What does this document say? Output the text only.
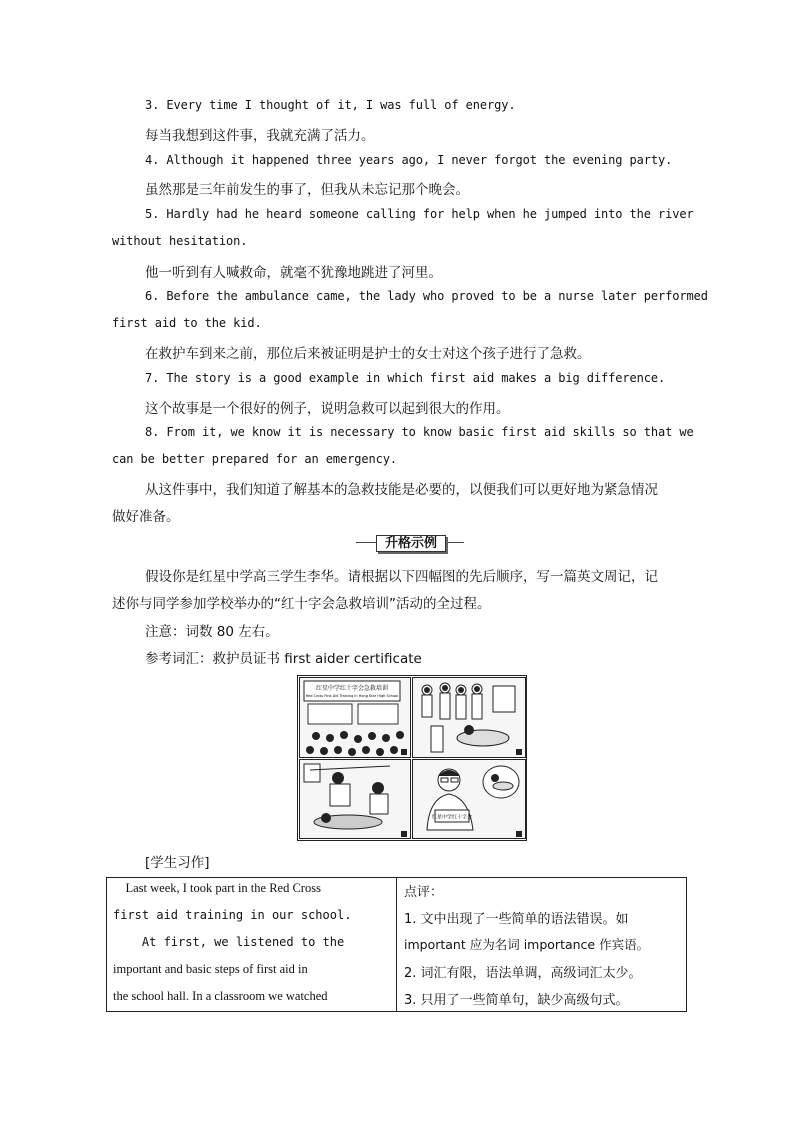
3. Every time I thought of it, I was full of energy.
每当我想到这件事，我就充满了活力。
4. Although it happened three years ago, I never forgot the evening party.
虽然那是三年前发生的事了，但我从未忘记那个晚会。
5. Hardly had he heard someone calling for help when he jumped into the river
without hesitation.
他一听到有人喊救命，就毫不犹豫地跳进了河里。
6. Before the ambulance came, the lady who proved to be a nurse later performed
first aid to the kid.
在救护车到来之前，那位后来被证明是护士的女士对这个孩子进行了急救。
7. The story is a good example in which first aid makes a big difference.
这个故事是一个很好的例子，说明急救可以起到很大的作用。
8. From it, we know it is necessary to know basic first aid skills so that we
can be better prepared for an emergency.
从这件事中，我们知道了解基本的急救技能是必要的，以便我们可以更好地为紧急情况
做好准备。
升格示例
假设你是红星中学高三学生李华。请根据以下四幅图的先后顺序，写一篇英文周记，记
述你与同学参加学校举办的“红十字会急救培训”活动的全过程。
注意：词数 80 左右。
参考词汇：救护员证书 first aider certificate
红星中学红十字会急救培训
Red Cross First Aid Training in Hong Star High School
红星中学红十字会
[学生习作]
Last week, I took part in the Red Cross
first aid training in our school.
At first, we listened to the
important and basic steps of first aid in
the school hall. In a classroom we watched
点评：
1. 文中出现了一些简单的语法错误。如
important 应为名词 importance 作宾语。
2. 词汇有限，语法单调，高级词汇太少。
3. 只用了一些简单句，缺少高级句式。
